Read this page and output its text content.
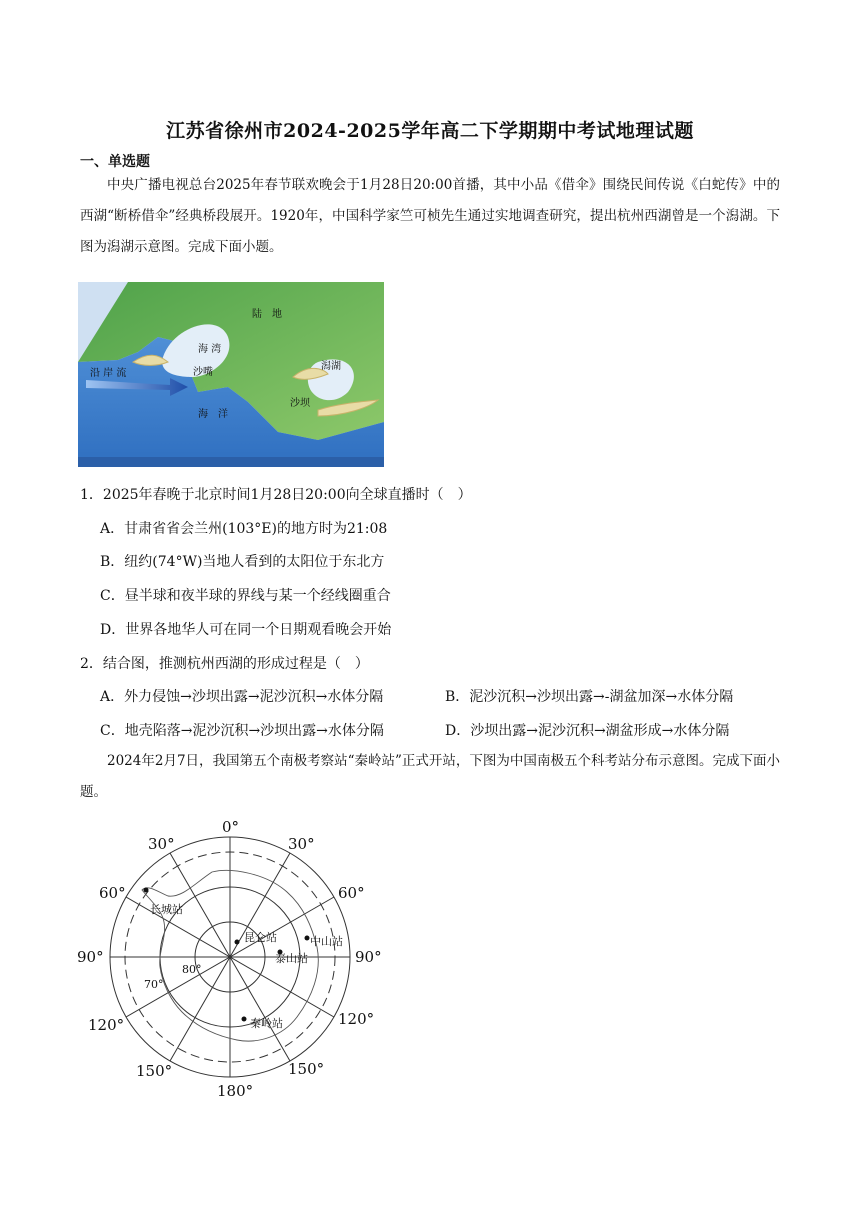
江苏省徐州市2024-2025学年高二下学期期中考试地理试题
一、单选题
中央广播电视总台2025年春节联欢晚会于1月28日20:00首播，其中小品《借伞》围绕民间传说《白蛇传》中的西湖“断桥借伞”经典桥段展开。1920年，中国科学家竺可桢先生通过实地调查研究，提出杭州西湖曾是一个潟湖。下图为潟湖示意图。完成下面小题。
陆　地
海 湾
沙嘴
潟湖
沙坝
沿 岸 流
海　洋
1．2025年春晚于北京时间1月28日20:00向全球直播时（　）
A．甘肃省省会兰州(103°E)的地方时为21:08
B．纽约(74°W)当地人看到的太阳位于东北方
C．昼半球和夜半球的界线与某一个经线圈重合
D．世界各地华人可在同一个日期观看晚会开始
2．结合图，推测杭州西湖的形成过程是（　）
A．外力侵蚀→沙坝出露→泥沙沉积→水体分隔	B．泥沙沉积→沙坝出露→-湖盆加深→水体分隔
C．地壳陷落→泥沙沉积→沙坝出露→水体分隔	D．沙坝出露→泥沙沉积→湖盆形成→水体分隔
2024年2月7日，我国第五个南极考察站“秦岭站”正式开站，下图为中国南极五个科考站分布示意图。完成下面小题。
0°
30°	30°
60°	60°
90°	90°
120°	120°
150°	150°
180°
80°
70°
长城站
昆仑站	中山站
泰山站
秦岭站
